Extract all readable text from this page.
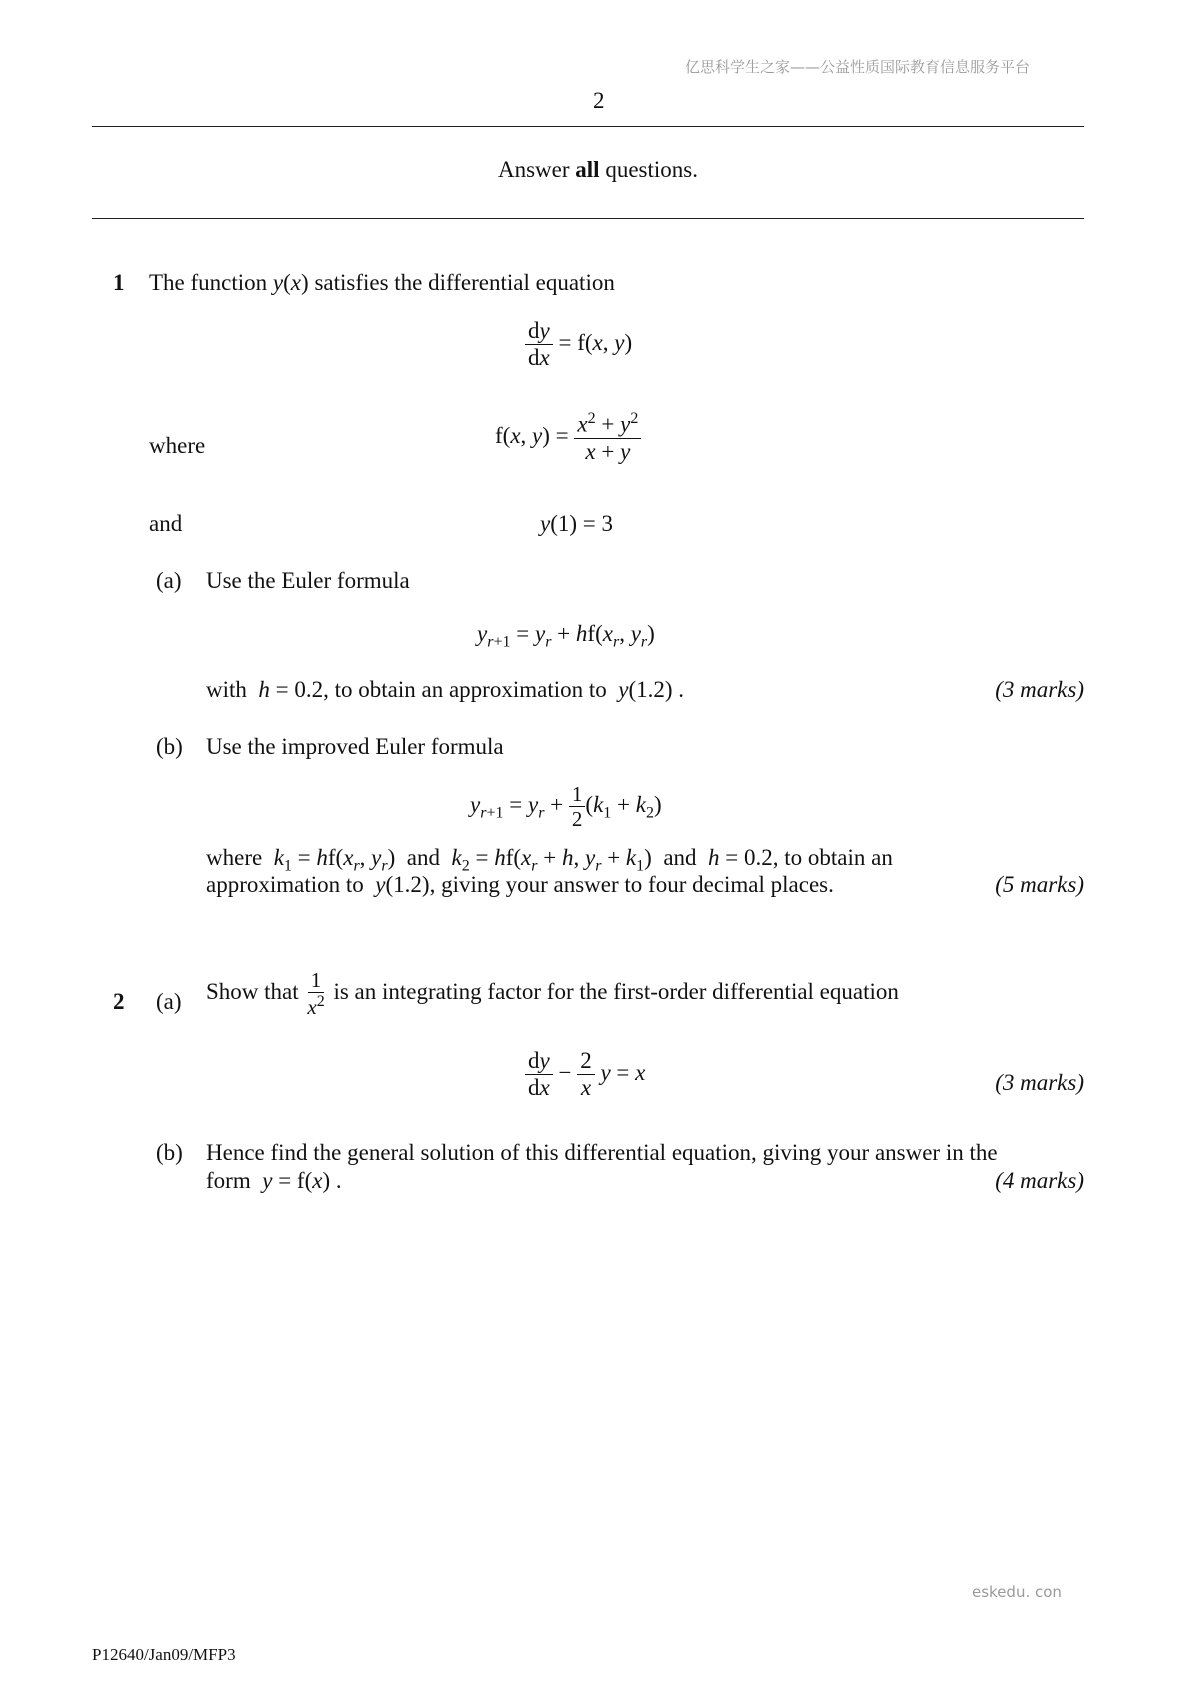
亿思科学生之家——公益性质国际教育信息服务平台
2
Answer all questions.
1 The function y(x) satisfies the differential equation
$\frac{dy}{dx} = f(x$, y)
where	f(x, $y) = \frac{x^2 + y^2}{x + y}$
and	y(1) = 3
(a) Use the Euler formula
$y_{r+1} = y_r + hf(x_r$, $y_r$)
with h = 0.2, to obtain an approximation to y(1.2) .	(3 marks)
(b) Use the improved Euler formula
$y_{r+1} = y_r + \frac{1}{2} (k_1 + k_2)$
where $k_1 = hf(x_r$, $y_r$)  and $k_2 = hf(x_r + h$, $y_r + k_1$)  and h = 0.2, to obtain an
approximation to y(1.2), giving your answer to four decimal places.	(5 marks)
2 (a) Show that $\frac{1}{x^2}$ is an integrating factor for the first-order differential equation
$\frac{dy}{dx} - \frac{2}{x}$ y = x	(3 marks)
(b) Hence find the general solution of this differential equation, giving your answer in the
form y = f(x) .	(4 marks)
eskedu. con
P12640/Jan09/MFP3
